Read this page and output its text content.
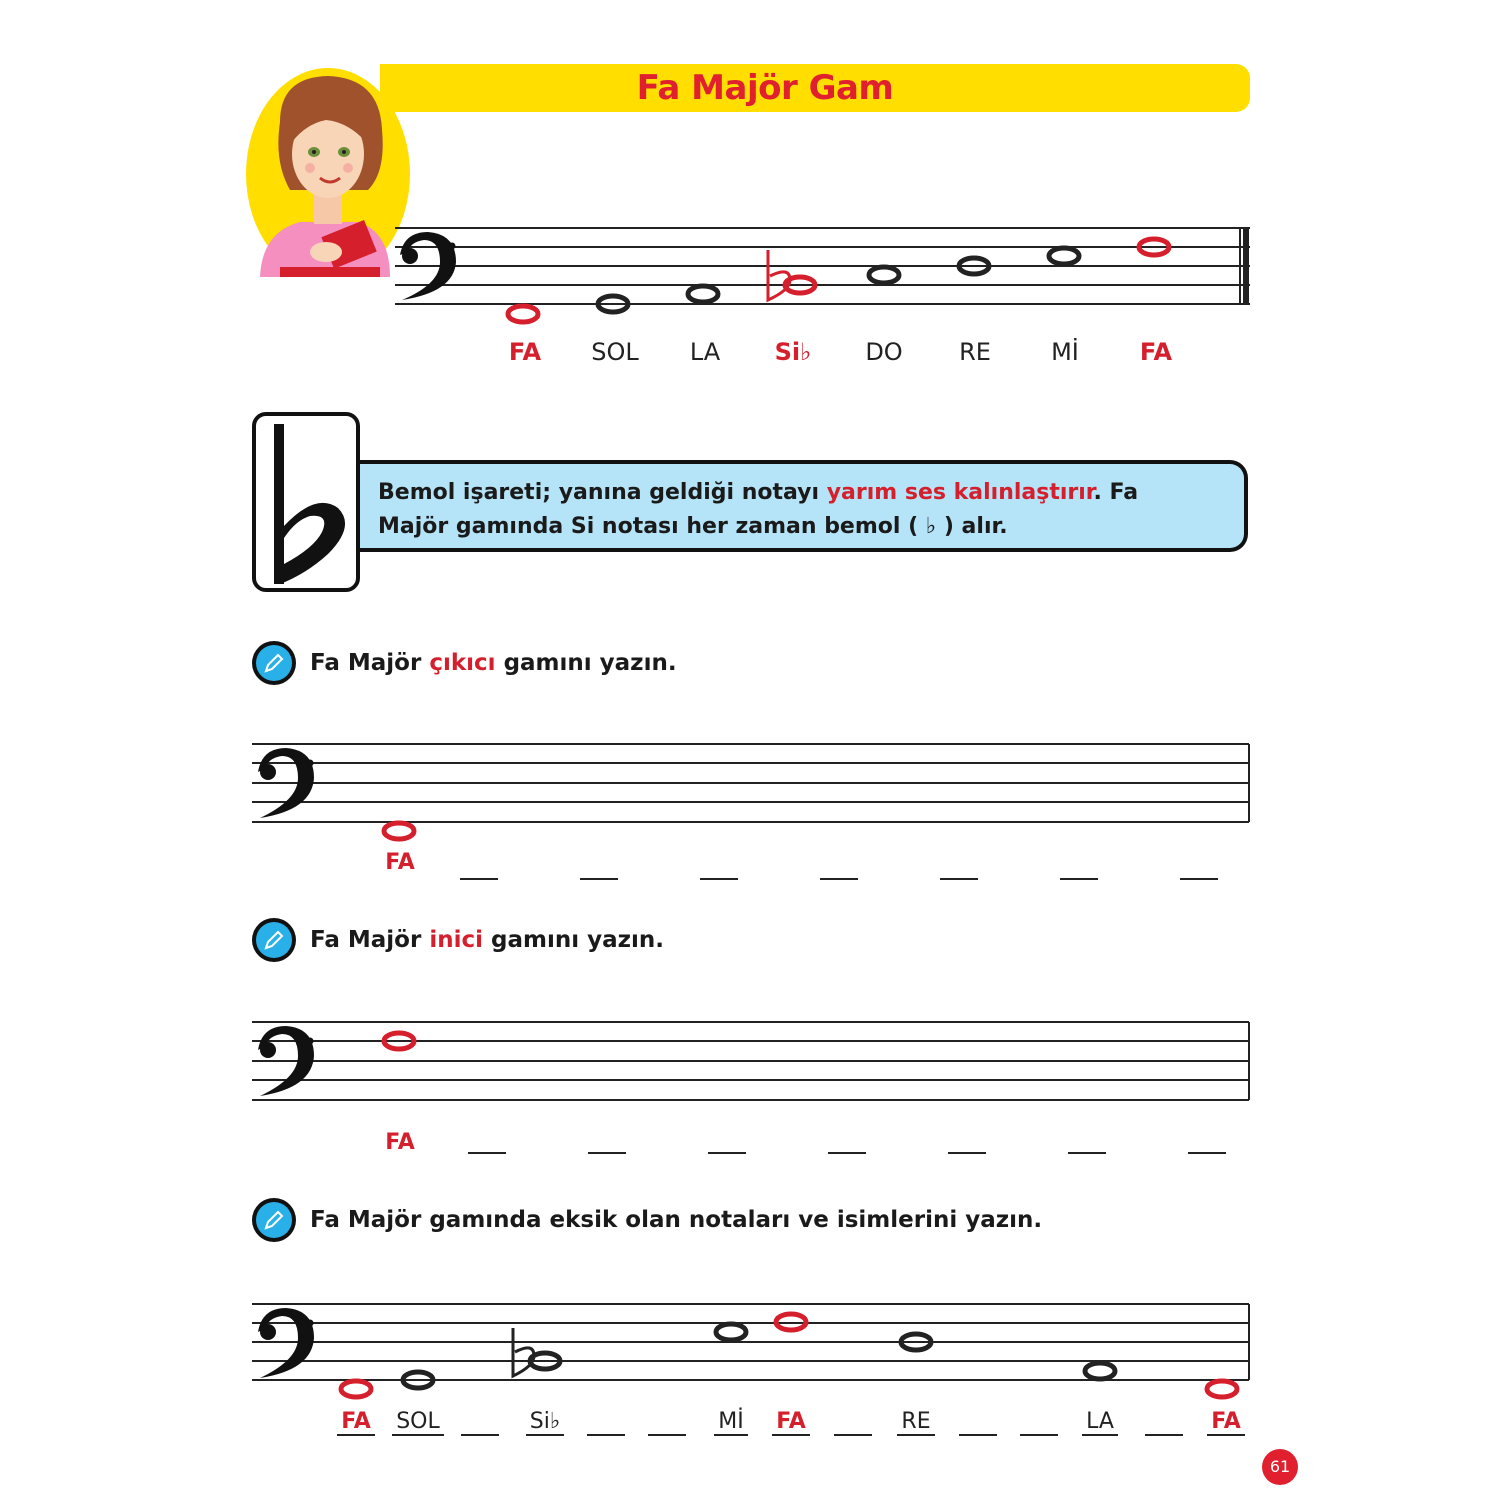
Fa Majör Gam
FA	SOL	LA	Si♭	DO	RE	Mİ	FA
Bemol işareti; yanına geldiği notayı yarım ses kalınlaştırır. Fa
Majör gamında Si notası her zaman bemol ( ♭ ) alır.
Fa Majör çıkıcı gamını yazın.
FA
Fa Majör inici gamını yazın.
FA
Fa Majör gamında eksik olan notaları ve isimlerini yazın.
FA	SOL	Si♭	Mİ	FA	RE	LA	FA
61
